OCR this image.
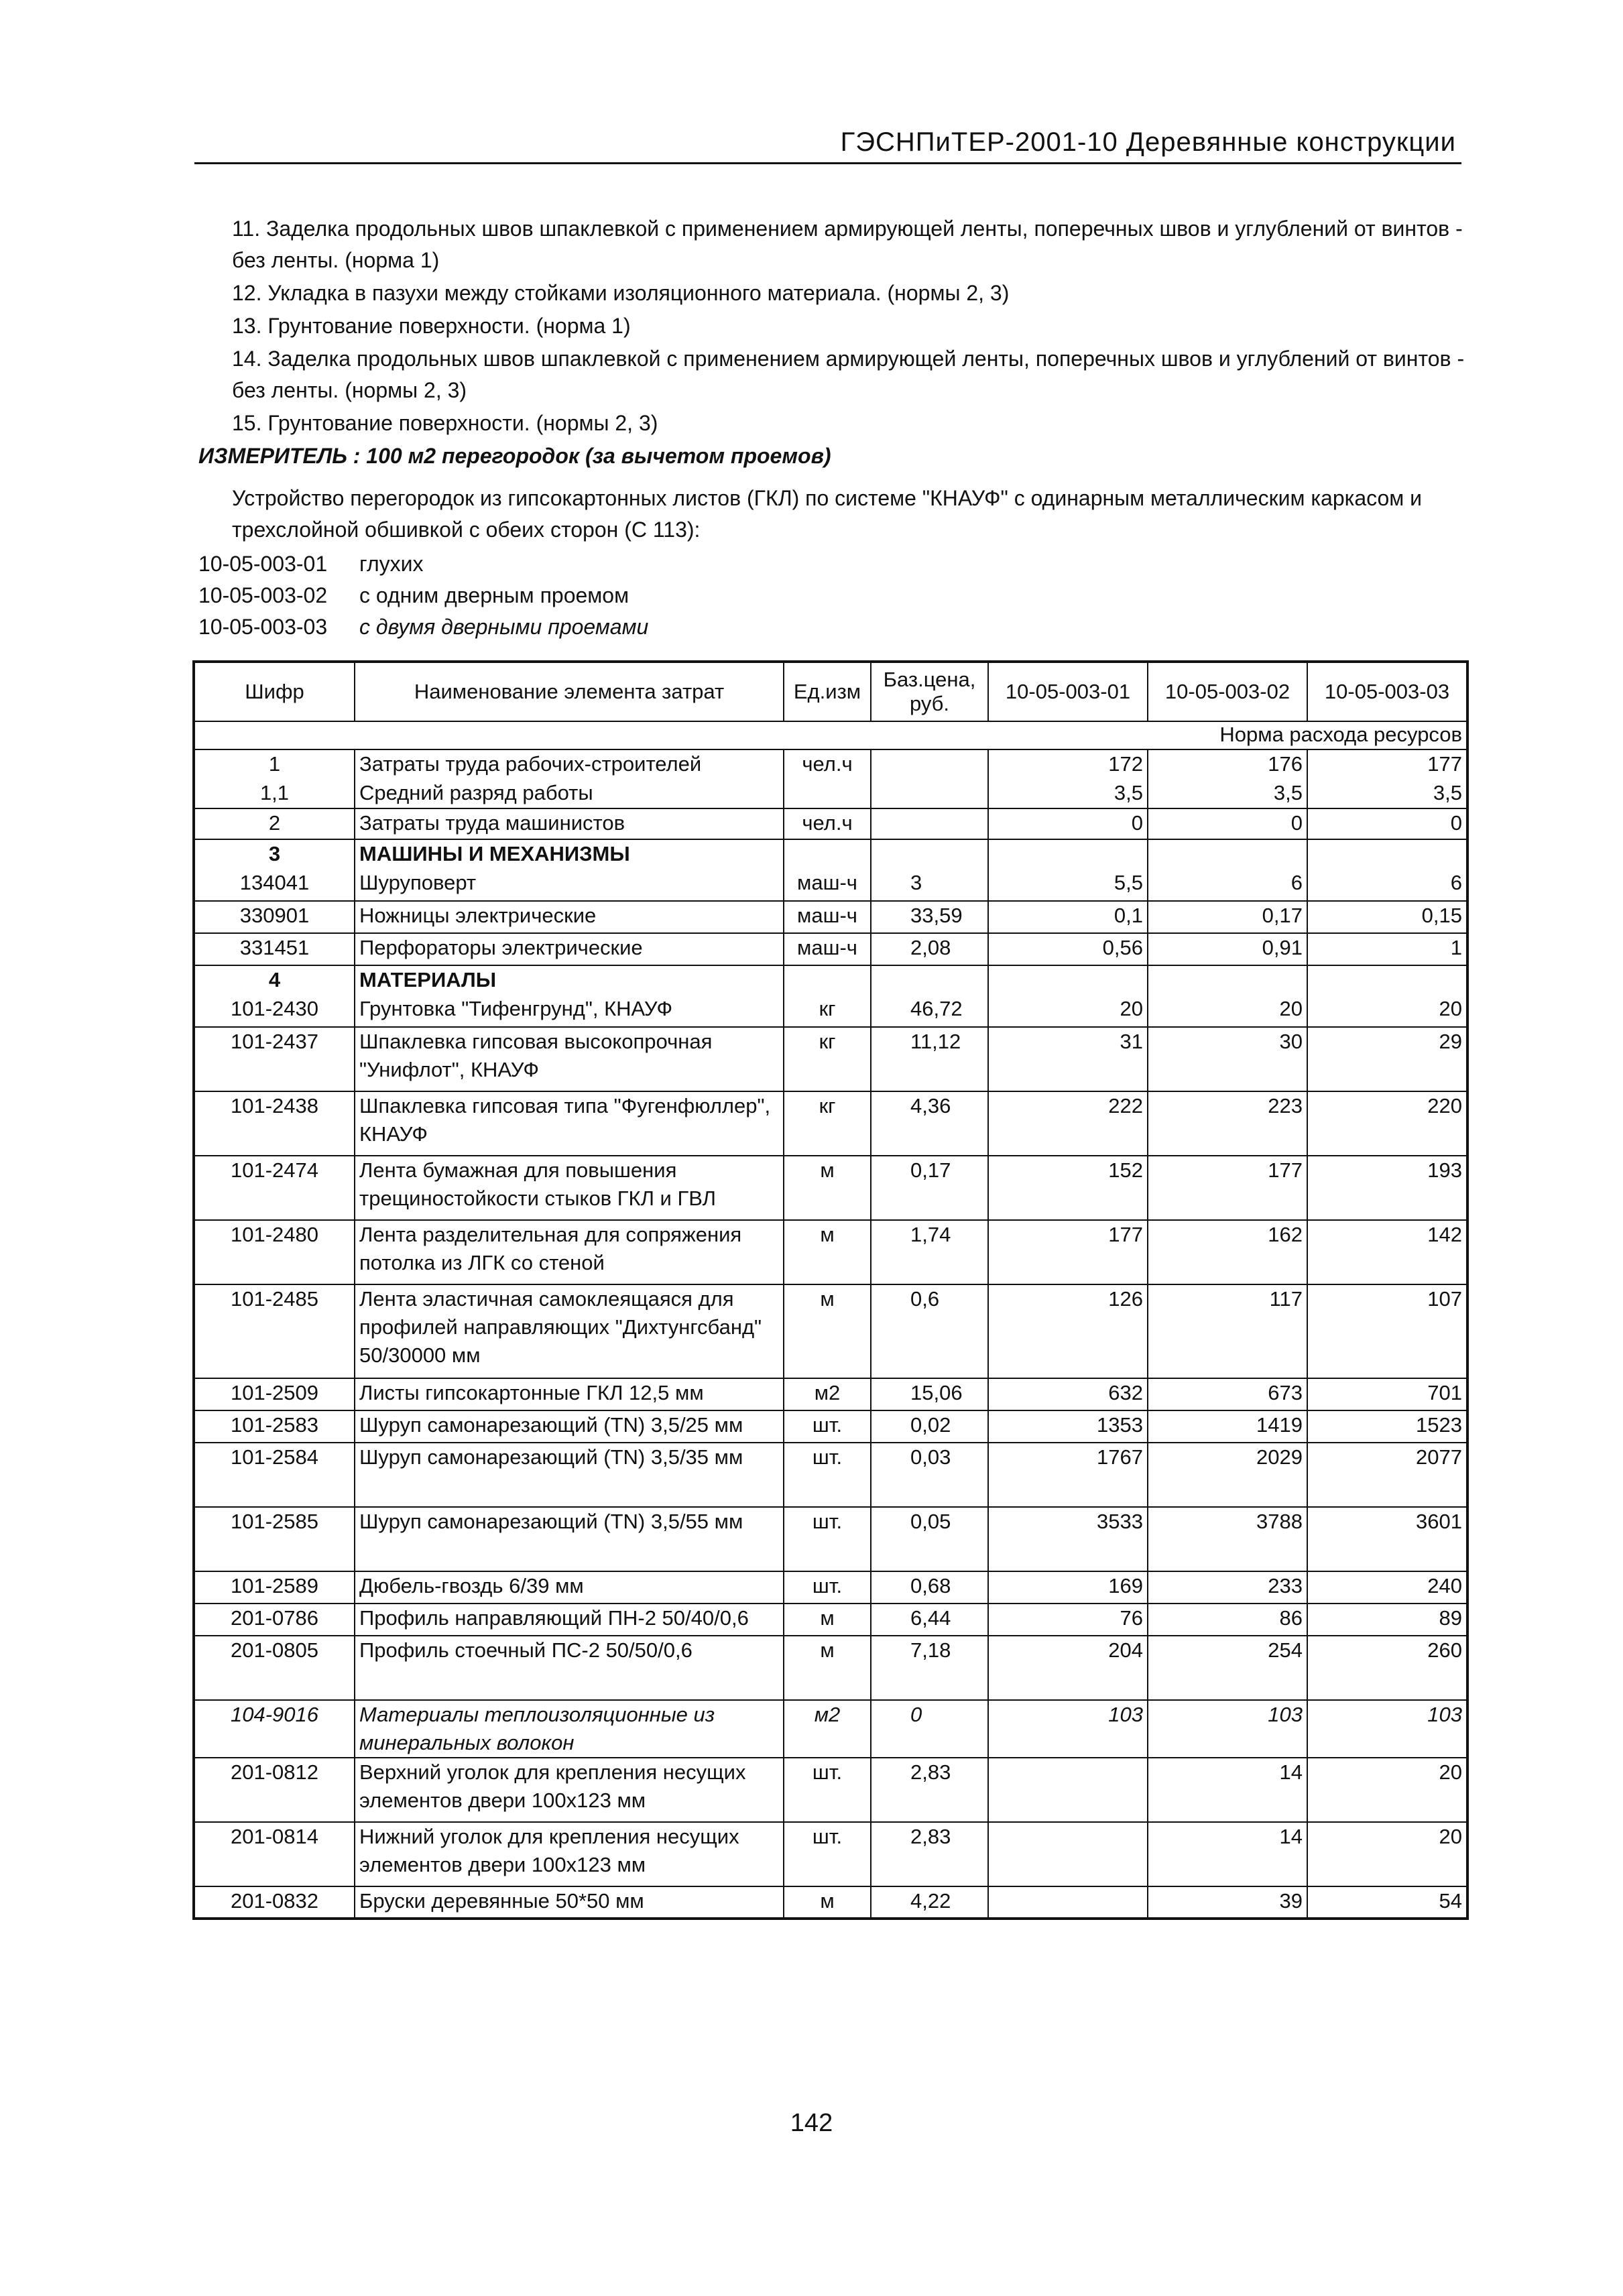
ГЭСНПиТЕР-2001-10 Деревянные конструкции

11. Заделка продольных швов шпаклевкой с применением армирующей ленты, поперечных швов и углублений от винтов - без ленты. (норма 1)

12. Укладка в пазухи между стойками изоляционного материала. (нормы 2, 3)

13. Грунтование поверхности. (норма 1)

14. Заделка продольных швов шпаклевкой с применением армирующей ленты, поперечных швов и углублений от винтов - без ленты. (нормы 2, 3)

15. Грунтование поверхности. (нормы 2, 3)

ИЗМЕРИТЕЛЬ : 100 м2 перегородок (за вычетом проемов)

Устройство перегородок из гипсокартонных листов (ГКЛ) по системе "КНАУФ" с одинарным металлическим каркасом и трехслойной обшивкой с обеих сторон (С 113):

10-05-003-01	глухих
10-05-003-02	с одним дверным проемом
10-05-003-03	с двумя дверными проемами
Шифр	Наименование элемента затрат	Ед.изм	Баз.цена, руб.	10-05-003-01	10-05-003-02	10-05-003-03
Норма расхода ресурсов						
1	Затраты труда рабочих-строителей	чел.ч		172	176	177
1,1	Средний разряд работы			3,5	3,5	3,5
2	Затраты труда машинистов	чел.ч		0	0	0
3	МАШИНЫ И МЕХАНИЗМЫ					
134041	Шуруповерт	маш-ч	3	5,5	6	6
330901	Ножницы электрические	маш-ч	33,59	0,1	0,17	0,15
331451	Перфораторы электрические	маш-ч	2,08	0,56	0,91	1
4	МАТЕРИАЛЫ					
101-2430	Грунтовка "Тифенгрунд", КНАУФ	кг	46,72	20	20	20
101-2437	Шпаклевка гипсовая высокопрочная "Унифлот", КНАУФ	кг	11,12	31	30	29
101-2438	Шпаклевка гипсовая типа "Фугенфюллер", КНАУФ	кг	4,36	222	223	220
101-2474	Лента бумажная для повышения трещиностойкости стыков ГКЛ и ГВЛ	м	0,17	152	177	193
101-2480	Лента разделительная для сопряжения потолка из ЛГК со стеной	м	1,74	177	162	142
101-2485	Лента эластичная самоклеящаяся для профилей направляющих "Дихтунгсбанд" 50/30000 мм	м	0,6	126	117	107
101-2509	Листы гипсокартонные ГКЛ 12,5 мм	м2	15,06	632	673	701
101-2583	Шуруп самонарезающий (TN) 3,5/25 мм	шт.	0,02	1353	1419	1523
101-2584	Шуруп самонарезающий (TN) 3,5/35 мм	шт.	0,03	1767	2029	2077
101-2585	Шуруп самонарезающий (TN) 3,5/55 мм	шт.	0,05	3533	3788	3601
101-2589	Дюбель-гвоздь 6/39 мм	шт.	0,68	169	233	240
201-0786	Профиль направляющий ПН-2 50/40/0,6	м	6,44	76	86	89
201-0805	Профиль стоечный ПС-2 50/50/0,6	м	7,18	204	254	260
104-9016	Материалы теплоизоляционные из минеральных волокон	м2	0	103	103	103
201-0812	Верхний уголок для крепления несущих элементов двери 100х123 мм	шт.	2,83		14	20
201-0814	Нижний уголок для крепления несущих элементов двери 100х123 мм	шт.	2,83		14	20
201-0832	Бруски деревянные 50*50 мм	м	4,22		39	54
142
